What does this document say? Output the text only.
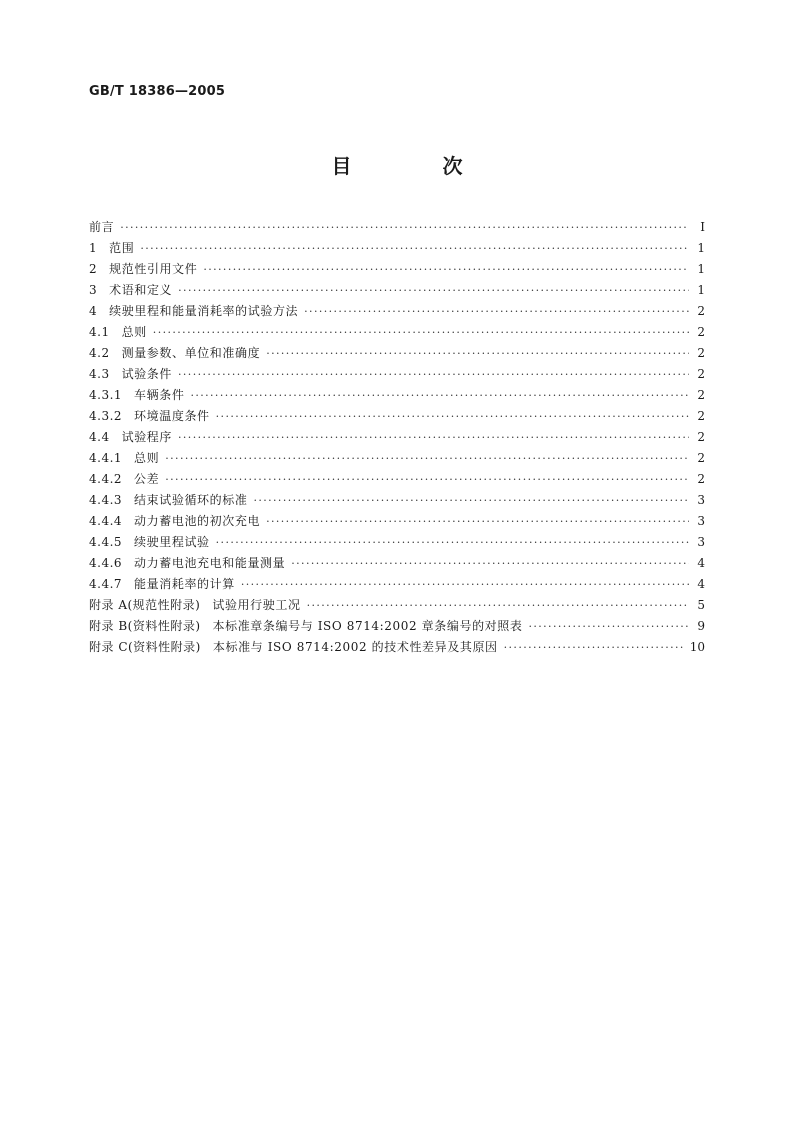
GB/T 18386—2005
目 次
前言 ·····	I
1 范围 ·····	1
2 规范性引用文件 ·····	1
3 术语和定义 ·····	1
4 续驶里程和能量消耗率的试验方法 ·····	2
4.1 总则 ·····	2
4.2 测量参数、单位和准确度 ·····	2
4.3 试验条件 ·····	2
4.3.1 车辆条件 ·····	2
4.3.2 环境温度条件 ·····	2
4.4 试验程序 ·····	2
4.4.1 总则 ·····	2
4.4.2 公差 ·····	2
4.4.3 结束试验循环的标准 ·····	3
4.4.4 动力蓄电池的初次充电 ·····	3
4.4.5 续驶里程试验 ·····	3
4.4.6 动力蓄电池充电和能量测量 ·····	4
4.4.7 能量消耗率的计算 ·····	4
附录 A(规范性附录) 试验用行驶工况 ·····	5
附录 B(资料性附录) 本标准章条编号与 ISO 8714:2002 章条编号的对照表 ·····	9
附录 C(资料性附录) 本标准与 ISO 8714:2002 的技术性差异及其原因 ·····	10
